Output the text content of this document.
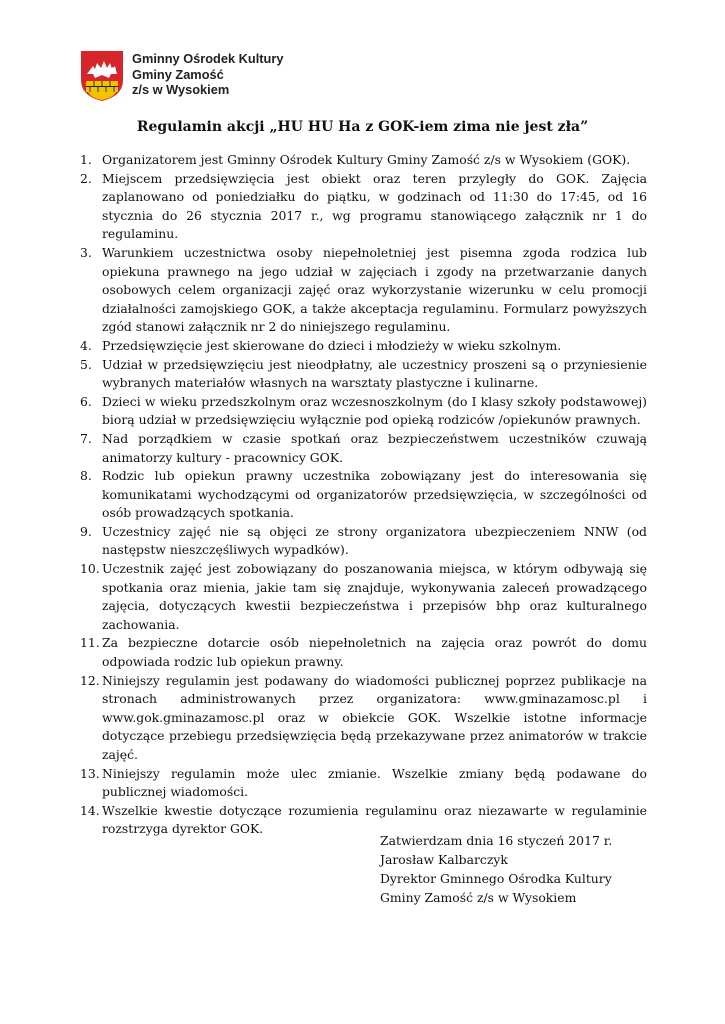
Gminny Ośrodek Kultury
Gminy Zamość
z/s w Wysokiem
Regulamin akcji „HU HU Ha z GOK-iem zima nie jest zła”
1. Organizatorem jest Gminny Ośrodek Kultury Gminy Zamość z/s w Wysokiem (GOK).
2. Miejscem przedsięwzięcia jest obiekt oraz teren przyległy do GOK. Zajęcia zaplanowano od poniedziałku do piątku, w godzinach od 11:30 do 17:45, od 16 stycznia do 26 stycznia 2017 r., wg programu stanowiącego załącznik nr 1 do regulaminu.
3. Warunkiem uczestnictwa osoby niepełnoletniej jest pisemna zgoda rodzica lub opiekuna prawnego na jego udział w zajęciach i zgody na przetwarzanie danych osobowych celem organizacji zajęć oraz wykorzystanie wizerunku w celu promocji działalności zamojskiego GOK, a także akceptacja regulaminu. Formularz powyższych zgód stanowi załącznik nr 2 do niniejszego regulaminu.
4. Przedsięwzięcie jest skierowane do dzieci i młodzieży w wieku szkolnym.
5. Udział w przedsięwzięciu jest nieodpłatny, ale uczestnicy proszeni są o przyniesienie wybranych materiałów własnych na warsztaty plastyczne i kulinarne.
6. Dzieci w wieku przedszkolnym oraz wczesnoszkolnym (do I klasy szkoły podstawowej) biorą udział w przedsięwzięciu wyłącznie pod opieką rodziców /opiekunów prawnych.
7. Nad porządkiem w czasie spotkań oraz bezpieczeństwem uczestników czuwają animatorzy kultury - pracownicy GOK.
8. Rodzic lub opiekun prawny uczestnika zobowiązany jest do interesowania się komunikatami wychodzącymi od organizatorów przedsięwzięcia, w szczególności od osób prowadzących spotkania.
9. Uczestnicy zajęć nie są objęci ze strony organizatora ubezpieczeniem NNW (od następstw nieszczęśliwych wypadków).
10. Uczestnik zajęć jest zobowiązany do poszanowania miejsca, w którym odbywają się spotkania oraz mienia, jakie tam się znajduje, wykonywania zaleceń prowadzącego zajęcia, dotyczących kwestii bezpieczeństwa i przepisów bhp oraz kulturalnego zachowania.
11. Za bezpieczne dotarcie osób niepełnoletnich na zajęcia oraz powrót do domu odpowiada rodzic lub opiekun prawny.
12. Niniejszy regulamin jest podawany do wiadomości publicznej poprzez publikacje na stronach administrowanych przez organizatora: www.gminazamosc.pl i www.gok.gminazamosc.pl oraz w obiekcie GOK. Wszelkie istotne informacje dotyczące przebiegu przedsięwzięcia będą przekazywane przez animatorów w trakcie zajęć.
13. Niniejszy regulamin może ulec zmianie. Wszelkie zmiany będą podawane do publicznej wiadomości.
14. Wszelkie kwestie dotyczące rozumienia regulaminu oraz niezawarte w regulaminie rozstrzyga dyrektor GOK.
Zatwierdzam dnia 16 styczeń 2017 r.
Jarosław Kalbarczyk
Dyrektor Gminnego Ośrodka Kultury
Gminy Zamość z/s w Wysokiem
